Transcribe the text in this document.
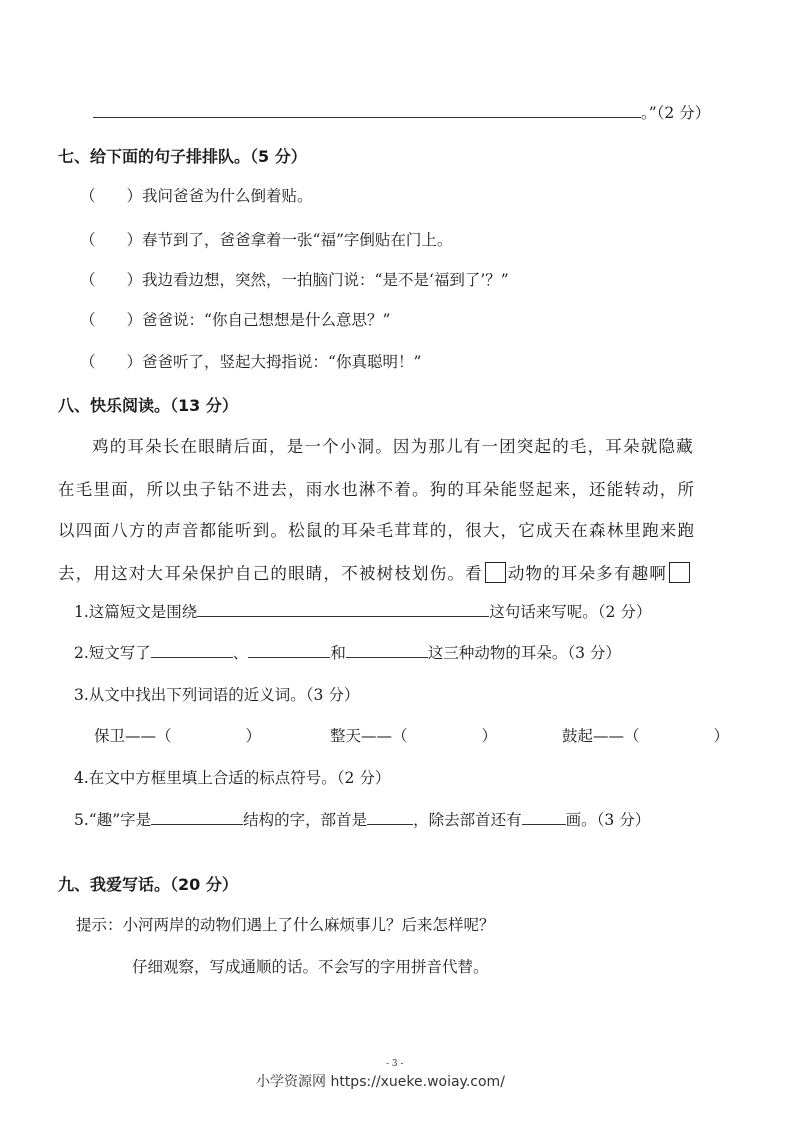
。”（2 分）
七、给下面的句子排排队。（5 分）
（　　）我问爸爸为什么倒着贴。
（　　）春节到了，爸爸拿着一张“福”字倒贴在门上。
（　　）我边看边想，突然，一拍脑门说：“是不是‘福到了’？”
（　　）爸爸说：“你自己想想是什么意思？”
（　　）爸爸听了，竖起大拇指说：“你真聪明！”
八、快乐阅读。（13 分）
鸡的耳朵长在眼睛后面，是一个小洞。因为那儿有一团突起的毛，耳朵就隐藏
在毛里面，所以虫子钻不进去，雨水也淋不着。狗的耳朵能竖起来，还能转动，所
以四面八方的声音都能听到。松鼠的耳朵毛茸茸的，很大，它成天在森林里跑来跑
去，用这对大耳朵保护自己的眼睛，不被树枝划伤。看 动物的耳朵多有趣啊
1.这篇短文是围绕	这句话来写呢。（2 分）
2.短文写了	、	和	这三种动物的耳朵。（3 分）
3.从文中找出下列词语的近义词。（3 分）
保卫——（	）	整天——（	）	鼓起——（	）
4.在文中方框里填上合适的标点符号。（2 分）
5.“趣”字是	结构的字，部首是	，除去部首还有	画。（3 分）
九、我爱写话。（20 分）
提示：小河两岸的动物们遇上了什么麻烦事儿？后来怎样呢？
仔细观察，写成通顺的话。不会写的字用拼音代替。
- 3 -
小学资源网 https://xueke.woiay.com/
